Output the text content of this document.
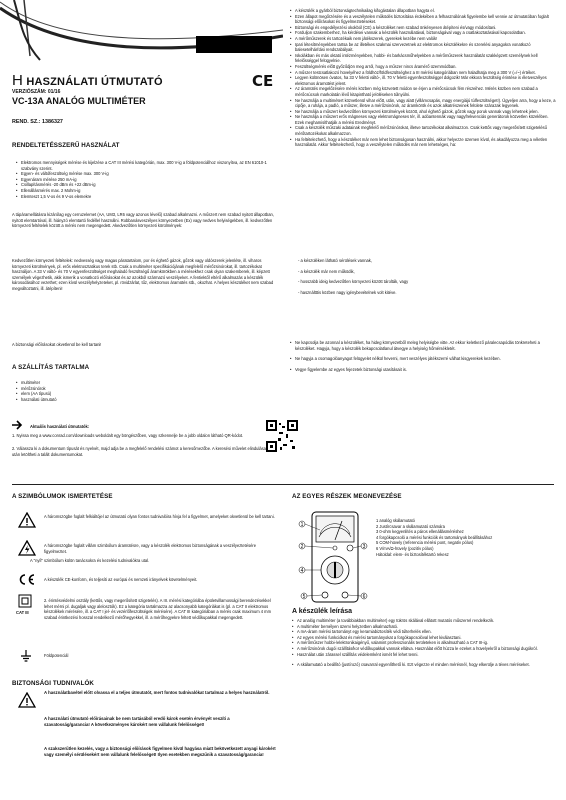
H HASZNÁLATI ÚTMUTATÓ
VERZIÓSZÁM: 01/16
VC-13A ANALÓG MULTIMÉTER
CE
REND. SZ.: 1386327
RENDELTETÉSSZERŰ HASZNÁLAT
• Elektromos mennyiségek mérése és kijelzése a CAT III mérési kategórián, max. 300 V-ig a földpotenciálhoz viszonyítva, az EN 61010-1 szabvány szerint.
• Egyen- és váltófeszültség mérése max. 300 V-ig
• Egyenáram mérése 250 mA-ig
• Csillapításmérés -20 dBm és +22 dBm-ig
• Ellenállásmérés max. 2 Mohm-ig
• Elemteszt 1,5 V-os és 9 V-os elemekre

A tápáramellátásra kizárólag egy cerruzelemet (AA, UM3, LR6 vagy azonos lévelű) szabad alkalmazni. A műszert nem szabad nyitott állapotban, nyitott elemtartóval, ill. hiányzó elemtartó fedéllel használni. Robbanásveszélyes környezetben (Ex) vagy nedves helyiségekben, ill. kedvezőtlen környezeti feltételek között a mérés nem megengedett. Akedvezőtlen környezeti körülmények:

Kedvezőtlen környezeti feltételek: nedvesség vagy magas páratartalom, por és éghető gázok, gőzök vagy oldószerek jelenléte, ill. viharos környezeti körülmények, pl. erős elektrosztatikus terek stb. Csak a multiméter specifikációjának megfelelő mérőzsinórokat, ill. tartozékokat használjon. A 33 V váltó- és 70 V egyenfeszültséget meghaladó feszültségű áramkörökben a mérésekhez csak olyan szakemberek, ill. képzett személyek végezhetik, akik ismerik a vonatkozó előírásokat és az azokból származó veszélyeket. A fentiektől eltérő alkalmazás a készülék károsodásához vezethet; ezen kívül veszélyhelyzeteket, pl. rövidzárlat, tűz, elektromos áramütés stb., okozhat. A helyes készüléket nem szabad megváltoztatni, ill. átépíteni!

A biztonsági előírásokat okvetlenül be kell tartani!

A SZÁLLÍTÁS TARTALMA
• multiméter
• mérőzsinórok
• elem (AA típusú)
• használati útmutató
Aktuális használati útmutatók:

1. Nyissa meg a www.conrad.com/downloads weboldalt egy böngészőben, vagy szkennelje be a jobb oldalon látható QR-kódot.

2. Válassza ki a dokumentum típusát és nyelvét, majd adja be a megfelelő rendelési számot a keresőmezőbe. A keresési művelet elindulása után letöltheti a talált dokumentumokat.

• A készülék a gyárból biztonságtechnikailag kifogástalan állapotban hagyta el.
• Ezen állapot megőrzésére és a veszélytelen működés biztosítása érdekében a felhasználónak figyelembe kell vennie az útmutatóban foglalt biztonsági előírásokat és figyelmeztetéseket.
• Biztonsági és engedélyezési okokból (CE) a készüléket nem szabad önkényesen átépíteni és/vagy módosítani.
• Forduljon szakemberhez, ha kérdései vannak a készülék használatával, biztonságával vagy a csatlakoztatásával kapcsolatban.
• A mérőműszerek és tartozékaik nem játékszerek, gyerekek kezébe nem valók!
• Ipari létesítményekben tartsa be az illetékes szakmai szervezetnek az elektromos készülékekre és szerelési anyagokra vonatkozó balesetelhárítási rendszabályait.
• Iskolákban és más oktató intézményekben, hobbi- és barkácsműhelyekben a mérőműszerek használatát szakképzett személynek kell felelősséggel felügyelnie.
• Feszültségmérés előtt győződjön meg arról, hogy a műszer nincs áramérő üzemmódban.
• A műszer testcsatlakozó hüvelyéhez a földhöz/földfeszültséghez a III mérési kategóriában nem haladhatja meg a 300 V (=/~) értéket.
• Legyen különösen óvatos, ha 33 V feletti váltó-, ill. 70 V feletti egyenfeszültséggel dolgozik! Már ekkora feszültség érintése is életveszélyes elektromos áramütést jelent.
• Az áramütés megelőzésére mérés közben még közvetett módon se érjen a mérőcsúcsok fém részeihez. Mérés közben nem szabad a mérőcsúcsok markolatán lévő kitapintható jelöléseken túlnyúlni.
• Ne használja a multimétert közvetlenül vihar előtt, után, vagy alatt (villámcsapás, magy energiájú túlfeszültséget!). Ügyeljen arra, hogy a keze, a cipője, a ruhája, a padló, a műszer, illetve a mérőzsinórok, az áramkörök és azok alkatrészeinek felülete szárazak legyenek.
• Ne használja a műszert kedvezőtlen környezeti körülmények között, ahol éghető gázok, gőzök vagy poruk vannak vagy lehetnek jelen.
• Ne használja a műszert erős mágneses vagy elektromágneses tér, ill. adóantennák vagy nagyfrekvenciás generátorok közvetlen közelében. Ezek meghamisíthatják a mérési Eredményt.
• Csak a készülék műszaki adatainak megfelelő mérőzsinórokat, illetve tartozékokat alkalmazzon. Csak kettős vagy megerősített szigetelésű mérőtartozékokat alkalmazzon.
• Ha feltételezhető, hogy a készüléket már nem lehet biztonságosan használni, akkor helyezze üzemen kívül, és akadályozza meg a véletlen használatát. Akkor feltételezhető, hogy a veszélytelen működés már nem lehetséges, ha:
- a készüléken látható sérülések vannak,
- a készülék már nem működik,
- hosszabb ideig kedvezőtlen környezeti között tárolták, vagy
- használtttis közben nagy igénybevételnek volt kitéve.
• Ne kapcsolja be azonnal a készüléket, ha hideg környezetből meleg helyiségbe vitte. Az ekkor keletkező páralecsapódás tönkreteheti a készüléket. Hagyja, hogy a készülék bekapcsolatlanul átvegye a helyiség hőmérsékletét.
• Ne hagyja a csomagolóanyagot felügyelet nélkül heverni, mert veszélyes játékszerré válhat kisgyerekek kezében.
• Vegye figyelembe az egyes fejezetek biztonsági utasításait is.
A SZIMBÓLUMOK ISMERTETÉSE

A háromszögbe foglalt felkiáltójel az útmutató olyan fontos tudnivalóira hívja fel a figyelmet, amelyeket okvetlenül be kell tartani.

A háromszögbe foglalt villám szimbólum áramütésre, vagy a készülék elektromos biztonságának a veszélyeztetésére figyelmeztet.

A "nyíl" szimbólum külön tanácsokra és kezelési tudnivalókra utal.

A készülék CE-konform, és teljesíti az európai és nemzeti irányelvek követelményeit.

CAT III

2. érintésvédelmi osztály (kettős, vagy megerősített szigetelés). A III. mérési kategóriába épületvillamossági berendezésekkel lehet mérni pl. dugaljak vagy alelosztók). Ez a kategória tartalmazza az alacsonyabb kategóriákat is (pl. a CAT II elektromos készülékek mérésére, ill. a CAT I jel- és vezérlőfeszültségek mérésére). A CAT III kategóriában a mérés csak maximum 4 mm szabad érintkezési hosszal rendelkező mérőhegyekkel, ill. a mérőhegyekre feltett védőkupakkal megengedett.

Földpotenciál

BIZTONSÁGI TUDNIVALÓK

A használatbavétel előtt olvassa el a teljes útmutatót, mert fontos tudnivalókat tartalmaz a helyes használatról.

A használati útmutató előírásainak be nem tartásából eredő károk esetén érvényét veszíti a szavatosság/garancia! A következményes károkért nem vállalunk felelősséget!

A szakszerűtlen kezelés, vagy a biztonsági előírások figyelmen kívül hagyása miatt bekövetkezett anyagi károkért vagy személyi sérülésekért nem vállalunk felelősséget! Ilyen esetekben megszűnik a szavatosság/garancia!

AZ EGYES RÉSZEK MEGNEVEZÉSE
1
2	3
4
5	6
1 analóg skálamutató
2 Justírcsavar a skálamutató számára
3 0-ohm kegyenlítés a páros ellenállásméréshez
4 forgókapcsoló a mérési funkciók és tartományok beállításához
5 COM-hüvely (referencia mérési pont, negatív pólus)
6 V/mA/Ω-hüvely (pozitív pólus)
Hátoldal: elem- és biztosítéktartó rekesz
A készülék leírása
• Az analóg multiméter (a továbbiakban multiméter) egy tükrös skálával ellátott mutatós műszerrel rendelkezik.
• A multiméter bemélyen üzemi helyzetben alkalmazható.
• A mA-áram mérési tartományt egy keramiabiztosíték védi túlterhelés ellen.
• Az egyes mérési funkciókat és mérési tartományokat a forgókapcsolóval lehet kiválasztani.
• A mérőműszer hobbi-/elektronikaigényű, valamint professzionális területeken is alkalmazható a CAT III-ig.
• A mérőzsinórok dugói szállítás/kor védőkupakkal vannak ellátva. Használat előtt húzza le ezeket a hüvelyekről a biztonsági dugókról.
• Használat után zárassel szállítás védelemként ismét fel lehet tenni.
• A skálamutató a beállító (justírozó) csavarral egyenlíthető ki. Ezt végezze el minden mérésnél, hogy elkerülje a téves méréseket.
